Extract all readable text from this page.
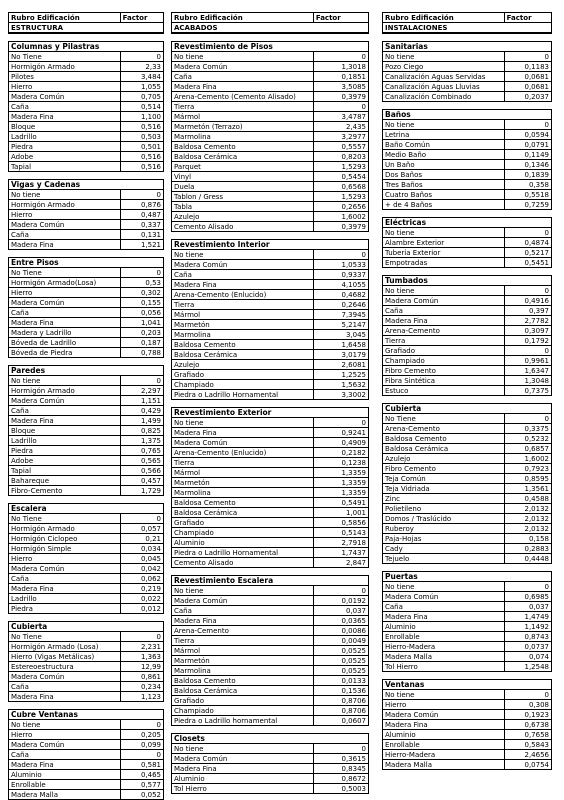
Rubro Edificación	Factor
ESTRUCTURA	

Columnas y Pilastras	
No Tiene	0
Hormigón Armado	2,33
Pilotes	3,484
Hierro	1,055
Madera Común	0,705
Caña	0,514
Madera Fina	1,100
Bloque	0,516
Ladrillo	0,503
Piedra	0,501
Adobe	0,516
Tapial	0,516

Vigas y Cadenas	
No tiene	0
Hormigón Armado	0,876
Hierro	0,487
Madera Común	0,337
Caña	0,131
Madera Fina	1,521

Entre Pisos	
No Tiene	0
Hormigón Armado(Losa)	0,53
Hierro	0,302
Madera Común	0,155
Caña	0,056
Madera Fina	1,041
Madera y Ladrillo	0,203
Bóveda de Ladrillo	0,187
Bóveda de Piedra	0,788

Paredes	
No tiene	0
Hormigón Armado	2,297
Madera Común	1,151
Caña	0,429
Madera Fina	1,499
Bloque	0,825
Ladrillo	1,375
Piedra	0,765
Adobe	0,565
Tapial	0,566
Bahareque	0,457
Fibro-Cemento	1,729

Escalera	
No Tiene	0
Hormigón Armado	0,057
Hormigón Ciclopeo	0,21
Hormigón Simple	0,034
Hierro	0,045
Madera Común	0,042
Caña	0,062
Madera Fina	0,219
Ladrillo	0,022
Piedra	0,012

Cubierta	
No Tiene	0
Hormigón Armado (Losa)	2,231
Hierro (Vigas Metálicas)	1,363
Estereoestructura	12,99
Madera Común	0,861
Caña	0,234
Madera Fina	1,123

Cubre Ventanas	
No tiene	0
Hierro	0,205
Madera Común	0,099
Caña	0
Madera Fina	0,581
Aluminio	0,465
Enrollable	0,577
Madera Malla	0,052
Rubro Edificación	Factor
ACABADOS	

Revestimiento de Pisos	
No tiene	0
Madera Común	1,3018
Caña	0,1851
Madera Fina	3,5085
Arena-Cemento (Cemento Alisado)	0,3979
Tierra	0
Mármol	3,4787
Marmetón (Terrazo)	2,435
Marmolina	3,2977
Baldosa Cemento	0,5557
Baldosa Cerámica	0,8203
Parquet	1,5293
Vinyl	0,5454
Duela	0,6568
Tablon / Gress	1,5293
Tabla	0,2656
Azulejo	1,6002
Cemento Alisado	0,3979

Revestimiento Interior	
No tiene	0
Madera Común	1,0533
Caña	0,9337
Madera Fina	4,1055
Arena-Cemento (Enlucido)	0,4682
Tierra	0,2646
Mármol	7,3945
Marmetón	5,2147
Marmolina	3,045
Baldosa Cemento	1,6458
Baldosa Cerámica	3,0179
Azulejo	2,6081
Grafiado	1,2525
Champiado	1,5632
Piedra o Ladrillo Hornamental	3,3002

Revestimiento Exterior	
No tiene	0
Madera Fina	0,9241
Madera Común	0,4909
Arena-Cemento (Enlucido)	0,2182
Tierra	0,1238
Mármol	1,3359
Marmetón	1,3359
Marmolina	1,3359
Baldosa Cemento	0,5491
Baldosa Cerámica	1,001
Grafiado	0,5856
Champiado	0,5143
Aluminio	2,7918
Piedra o Ladrillo Hornamental	1,7437
Cemento Alisado	2,847

Revestimiento Escalera	
No tiene	0
Madera Común	0,0192
Caña	0,037
Madera Fina	0,0365
Arena-Cemento	0,0086
Tierra	0,0049
Mármol	0,0525
Marmetón	0,0525
Marmolina	0,0525
Baldosa Cemento	0,0133
Baldosa Cerámica	0,1536
Grafiado	0,8706
Champiado	0,8706
Piedra o Ladrillo hornamental	0,0607

Closets	
No tiene	0
Madera Común	0,3615
Madera Fina	0,8345
Aluminio	0,8672
Tol Hierro	0,5003
Rubro Edificación	Factor
INSTALACIONES	

Sanitarias	
No tiene	0
Pozo Ciego	0,1183
Canalización Aguas Servidas	0,0681
Canalización Aguas Lluvias	0,0681
Canalización Combinado	0,2037

Baños	
No tiene	0
Letrina	0,0594
Baño Común	0,0791
Medio Baño	0,1149
Un Baño	0,1346
Dos Baños	0,1839
Tres Baños	0,358
Cuatro Baños	0,5518
+ de 4 Baños	0,7259

Eléctricas	
No tiene	0
Alambre Exterior	0,4874
Tubería Exterior	0,5217
Empotradas	0,5451

Tumbados	
No tiene	0
Madera Común	0,4916
Caña	0,397
Madera Fina	2,7782
Arena-Cemento	0,3097
Tierra	0,1792
Grafiado	0
Champiado	0,9961
Fibro Cemento	1,6347
Fibra Sintética	1,3048
Estuco	0,7375

Cubierta	
No Tiene	0
Arena-Cemento	0,3375
Baldosa Cemento	0,5232
Baldosa Cerámica	0,6857
Azulejo	1,6002
Fibro Cemento	0,7923
Teja Común	0,8595
Teja Vidriada	1,3561
Zinc	0,4588
Polietileno	2,0132
Domos / Traslúcido	2,0132
Ruberoy	2,0132
Paja-Hojas	0,158
Cady	0,2883
Tejuelo	0,4448

Puertas	
No tiene	0
Madera Común	0,6985
Caña	0,037
Madera Fina	1,4749
Aluminio	1,1492
Enrollable	0,8743
Hierro-Madera	0,0737
Madera Malla	0,074
Tol Hierro	1,2548

Ventanas	
No tiene	0
Hierro	0,308
Madera Común	0,1923
Madera Fina	0,6738
Aluminio	0,7658
Enrollable	0,5843
Hierro-Madera	2,4656
Madera Malla	0,0754
